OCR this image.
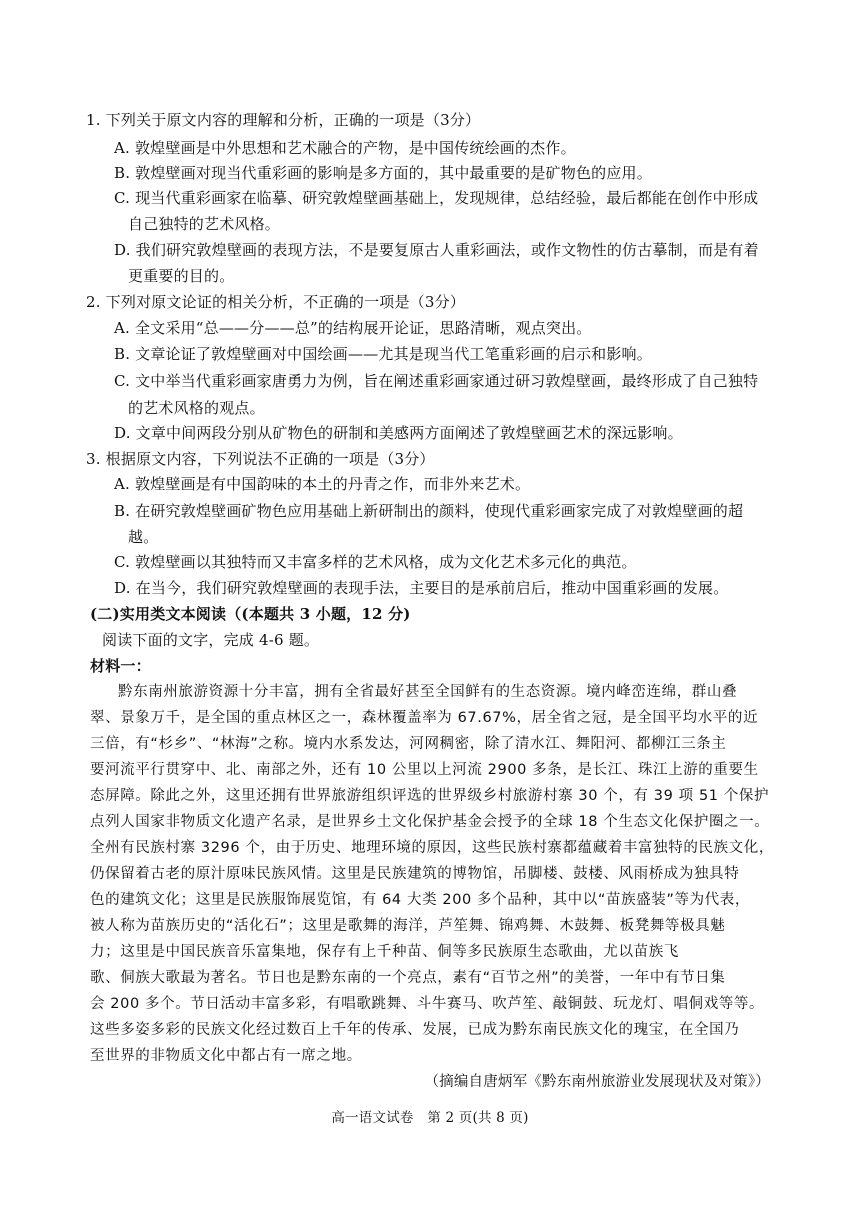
1. 下列关于原文内容的理解和分析，正确的一项是（3分）
A. 敦煌壁画是中外思想和艺术融合的产物，是中国传统绘画的杰作。
B. 敦煌壁画对现当代重彩画的影响是多方面的，其中最重要的是矿物色的应用。
C. 现当代重彩画家在临摹、研究敦煌壁画基础上，发现规律，总结经验，最后都能在创作中形成
自己独特的艺术风格。
D. 我们研究敦煌壁画的表现方法，不是要复原古人重彩画法，或作文物性的仿古摹制，而是有着
更重要的目的。
2. 下列对原文论证的相关分析，不正确的一项是（3分）
A. 全文采用“总——分——总”的结构展开论证，思路清晰，观点突出。
B. 文章论证了敦煌壁画对中国绘画——尤其是现当代工笔重彩画的启示和影响。
C. 文中举当代重彩画家唐勇力为例，旨在阐述重彩画家通过研习敦煌壁画，最终形成了自己独特
的艺术风格的观点。
D. 文章中间两段分别从矿物色的研制和美感两方面阐述了敦煌壁画艺术的深远影响。
3. 根据原文内容，下列说法不正确的一项是（3分）
A. 敦煌壁画是有中国韵味的本土的丹青之作，而非外来艺术。
B. 在研究敦煌壁画矿物色应用基础上新研制出的颜料，使现代重彩画家完成了对敦煌壁画的超
越。
C. 敦煌壁画以其独特而又丰富多样的艺术风格，成为文化艺术多元化的典范。
D. 在当今，我们研究敦煌壁画的表现手法，主要目的是承前启后，推动中国重彩画的发展。
(二)实用类文本阅读（(本题共 3 小题，12 分)
阅读下面的文字，完成 4-6 题。
材料一：
黔东南州旅游资源十分丰富，拥有全省最好甚至全国鲜有的生态资源。境内峰峦连绵，群山叠
翠、景象万千，是全国的重点林区之一，森林覆盖率为 67.67%，居全省之冠，是全国平均水平的近
三倍，有“杉乡”、“林海”之称。境内水系发达，河网稠密，除了清水江、舞阳河、都柳江三条主
要河流平行贯穿中、北、南部之外，还有 10 公里以上河流 2900 多条，是长江、珠江上游的重要生
态屏障。除此之外，这里还拥有世界旅游组织评选的世界级乡村旅游村寨 30 个，有 39 项 51 个保护
点列人国家非物质文化遗产名录，是世界乡土文化保护基金会授予的全球 18 个生态文化保护圈之一。
全州有民族村寨 3296 个，由于历史、地理环境的原因，这些民族村寨都蕴藏着丰富独特的民族文化，
仍保留着古老的原汁原味民族风情。这里是民族建筑的博物馆，吊脚楼、鼓楼、风雨桥成为独具特
色的建筑文化；这里是民族服饰展览馆，有 64 大类 200 多个品种，其中以“苗族盛装”等为代表，
被人称为苗族历史的“活化石”；这里是歌舞的海洋，芦笙舞、锦鸡舞、木鼓舞、板凳舞等极具魅
力；这里是中国民族音乐富集地，保存有上千种苗、侗等多民族原生态歌曲，尤以苗族飞
歌、侗族大歌最为著名。节日也是黔东南的一个亮点，素有“百节之州”的美誉，一年中有节日集
会 200 多个。节日活动丰富多彩，有唱歌跳舞、斗牛赛马、吹芦笙、敲铜鼓、玩龙灯、唱侗戏等等。
这些多姿多彩的民族文化经过数百上千年的传承、发展，已成为黔东南民族文化的瑰宝，在全国乃
至世界的非物质文化中都占有一席之地。
（摘编自唐炳军《黔东南州旅游业发展现状及对策》）
高一语文试卷　第 2 页(共 8 页)
